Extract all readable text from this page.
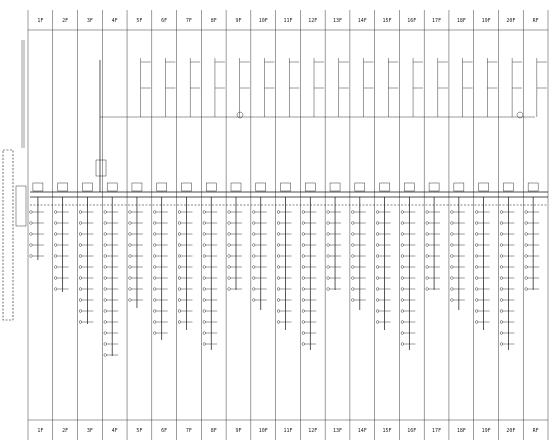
1F	2F	3F	4F	5F	6F	7F	8F	9F	10F	11F	12F	13F	14F	15F	16F	17F	18F	19F	20F	RF
1F	2F	3F	4F	5F	6F	7F	8F	9F	10F	11F	12F	13F	14F	15F	16F	17F	18F	19F	20F	RF
